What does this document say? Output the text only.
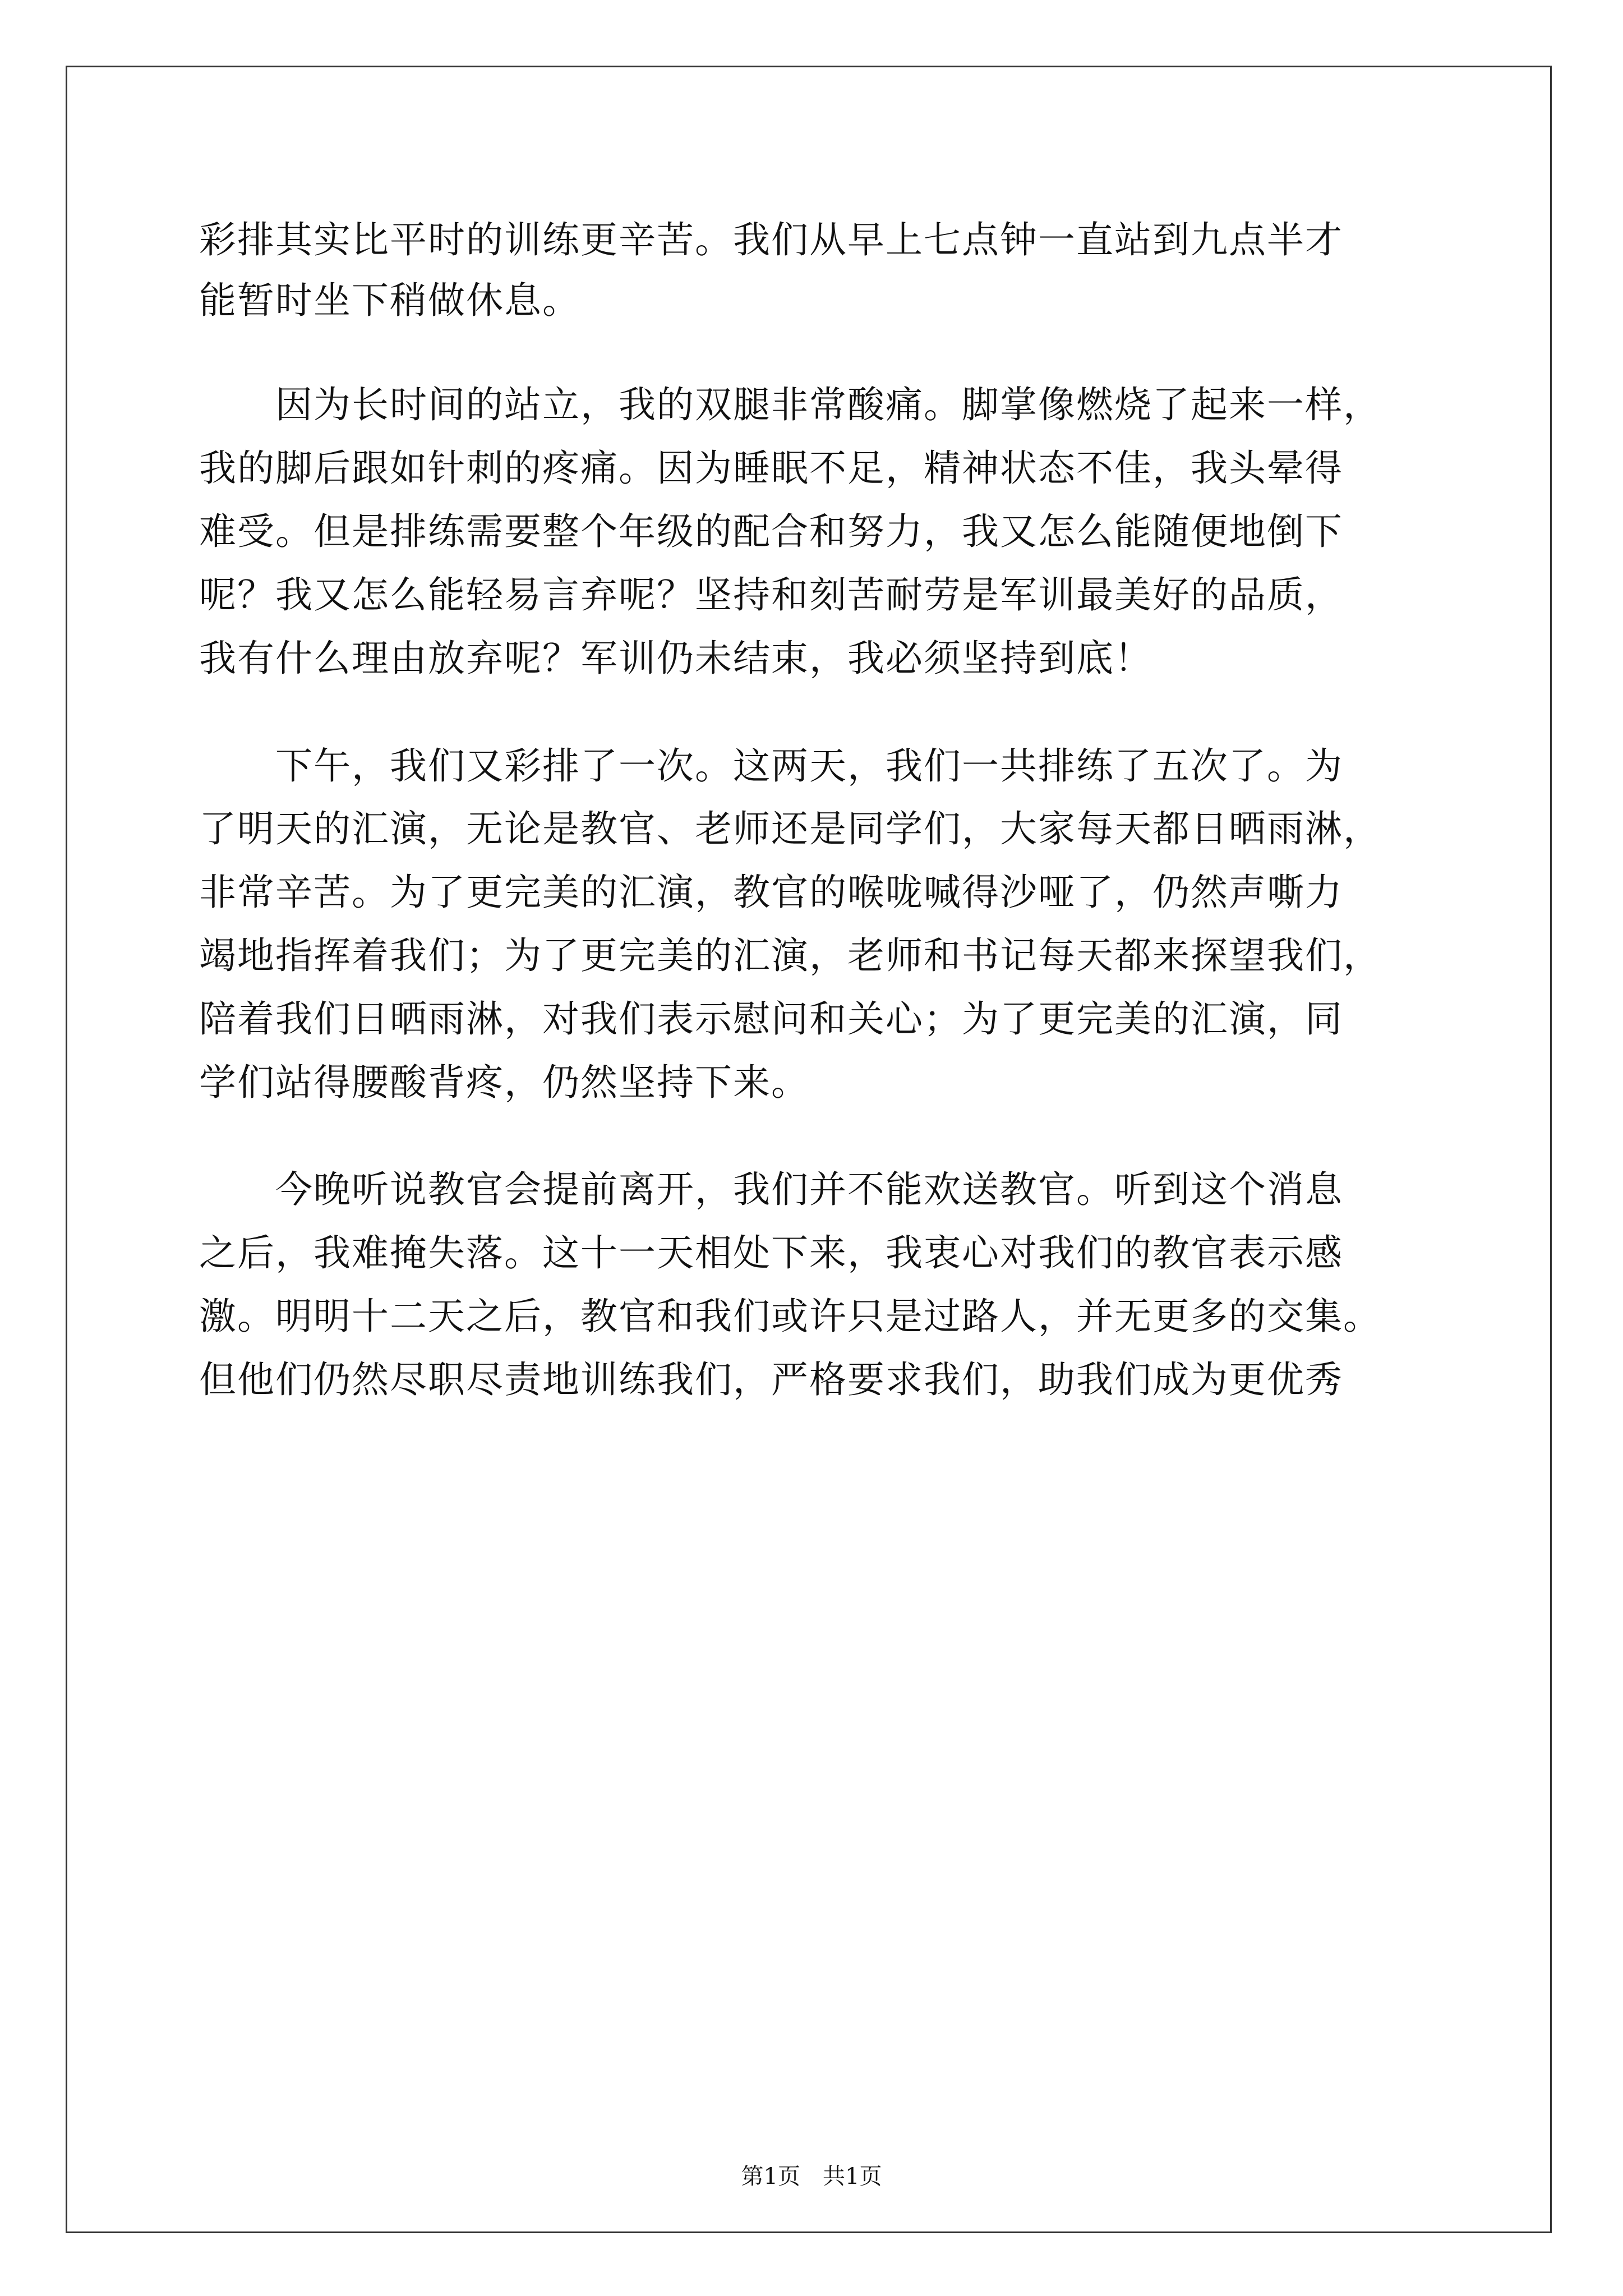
彩排其实比平时的训练更辛苦。我们从早上七点钟一直站到九点半才
能暂时坐下稍做休息。
　　因为长时间的站立，我的双腿非常酸痛。脚掌像燃烧了起来一样，
我的脚后跟如针刺的疼痛。因为睡眠不足，精神状态不佳，我头晕得
难受。但是排练需要整个年级的配合和努力，我又怎么能随便地倒下
呢？我又怎么能轻易言弃呢？坚持和刻苦耐劳是军训最美好的品质，
我有什么理由放弃呢？军训仍未结束，我必须坚持到底！
　　下午，我们又彩排了一次。这两天，我们一共排练了五次了。为
了明天的汇演，无论是教官、老师还是同学们，大家每天都日晒雨淋，
非常辛苦。为了更完美的汇演，教官的喉咙喊得沙哑了，仍然声嘶力
竭地指挥着我们；为了更完美的汇演，老师和书记每天都来探望我们，
陪着我们日晒雨淋，对我们表示慰问和关心；为了更完美的汇演，同
学们站得腰酸背疼，仍然坚持下来。
　　今晚听说教官会提前离开，我们并不能欢送教官。听到这个消息
之后，我难掩失落。这十一天相处下来，我衷心对我们的教官表示感
激。明明十二天之后，教官和我们或许只是过路人，并无更多的交集。
但他们仍然尽职尽责地训练我们，严格要求我们，助我们成为更优秀
第1页　共1页
